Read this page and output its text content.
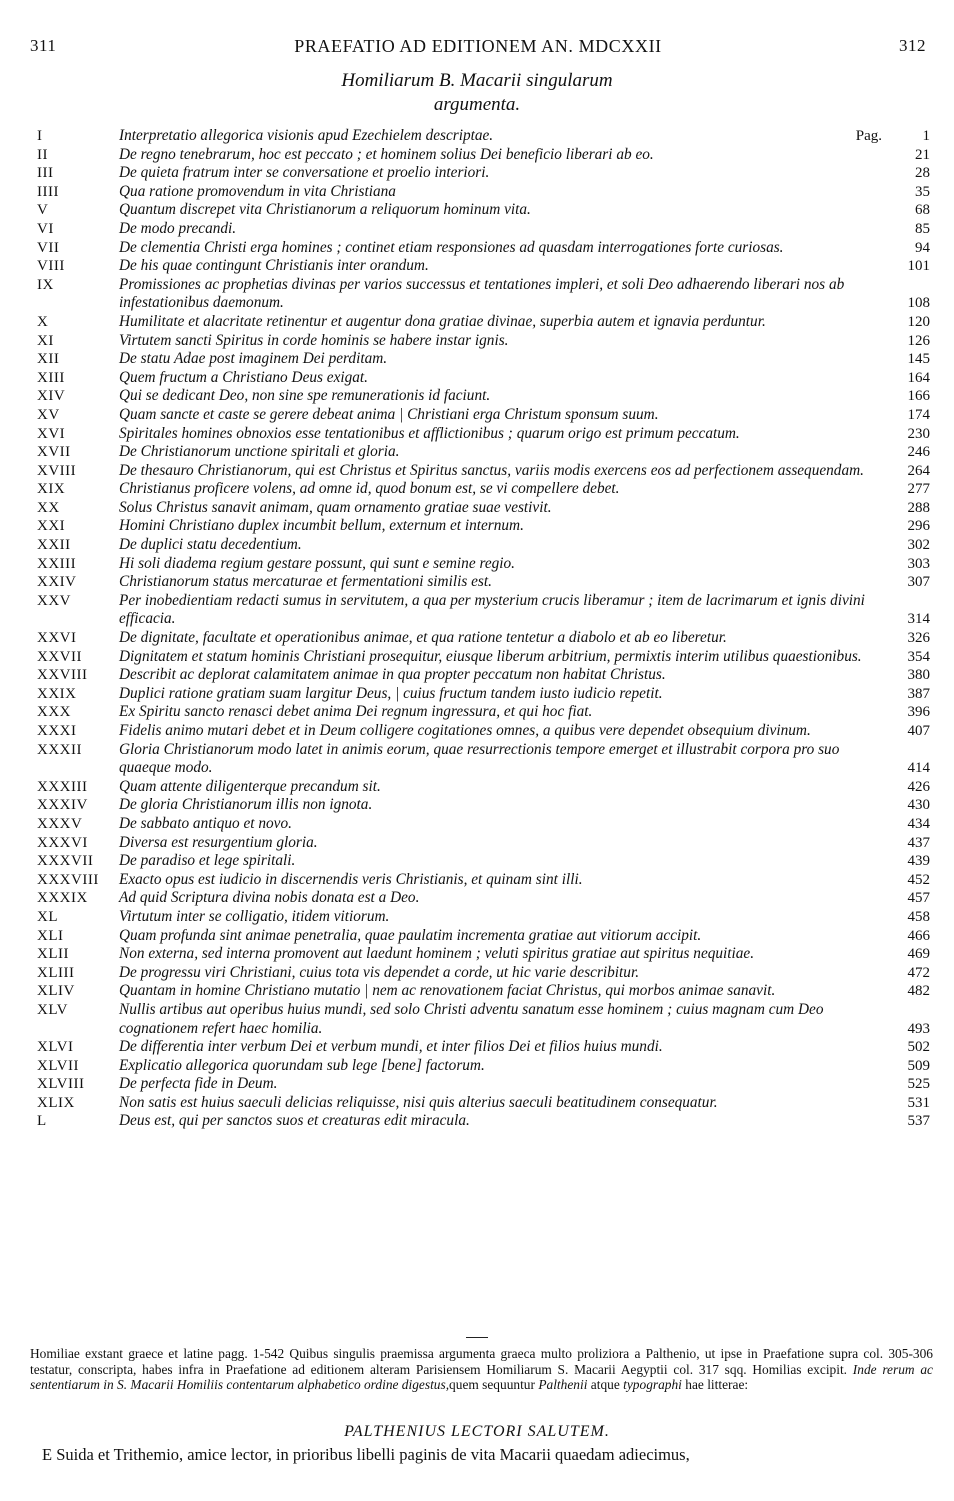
311	PRAEFATIO AD EDITIONEM AN. MDCXXII	312
Homiliarum B. Macarii singularum
argumenta.
I	Interpretatio allegorica visionis apud Ezechielem descriptae.	1
Pag.
II	De regno tenebrarum, hoc est peccato ; et hominem solius Dei beneficio liberari ab eo.	21
III	De quieta fratrum inter se conversatione et proelio interiori.	28
IIII	Qua ratione promovendum in vita Christiana	35
V	Quantum discrepet vita Christianorum a reliquorum hominum vita.	68
VI	De modo precandi.	85
VII	De clementia Christi erga homines ; continet etiam responsiones ad quasdam interrogationes forte curiosas.	94
VIII	De his quae contingunt Christianis inter orandum.	101
IX	Promissiones ac prophetias divinas per varios successus et tentationes impleri, et soli Deo adhaerendo liberari nos ab infestationibus daemonum.	108
X	Humilitate et alacritate retinentur et augentur dona gratiae divinae, superbia autem et ignavia perduntur.	120
XI	Virtutem sancti Spiritus in corde hominis se habere instar ignis.	126
XII	De statu Adae post imaginem Dei perditam.	145
XIII	Quem fructum a Christiano Deus exigat.	164
XIV	Qui se dedicant Deo, non sine spe remunerationis id faciunt.	166
XV	Quam sancte et caste se gerere debeat anima | Christiani erga Christum sponsum suum.	174
XVI	Spiritales homines obnoxios esse tentationibus et afflictionibus ; quarum origo est primum peccatum.	230
XVII	De Christianorum unctione spiritali et gloria.	246
XVIII	De thesauro Christianorum, qui est Christus et Spiritus sanctus, variis modis exercens eos ad perfectionem assequendam.	264
XIX	Christianus proficere volens, ad omne id, quod bonum est, se vi compellere debet.	277
XX	Solus Christus sanavit animam, quam ornamento gratiae suae vestivit.	288
XXI	Homini Christiano duplex incumbit bellum, externum et internum.	296
XXII	De duplici statu decedentium.	302
XXIII	Hi soli diadema regium gestare possunt, qui sunt e semine regio.	303
XXIV	Christianorum status mercaturae et fermentationi similis est.	307
XXV	Per inobedientiam redacti sumus in servitutem, a qua per mysterium crucis liberamur ; item de lacrimarum et ignis divini efficacia.	314
XXVI	De dignitate, facultate et operationibus animae, et qua ratione tentetur a diabolo et ab eo liberetur.	326
XXVII Dignitatem et statum hominis Christiani prosequitur, eiusque liberum arbitrium, permixtis interim utilibus quaestionibus.	354
XXVIII Describit ac deplorat calamitatem animae in qua propter peccatum non habitat Christus.	380
XXIX	Duplici ratione gratiam suam largitur Deus, | cuius fructum tandem iusto iudicio repetit.	387
XXX	Ex Spiritu sancto renasci debet anima Dei regnum ingressura, et qui hoc fiat.	396
XXXI	Fidelis animo mutari debet et in Deum colligere cogitationes omnes, a quibus vere dependet obsequium divinum.	407
XXXII Gloria Christianorum modo latet in animis eorum, quae resurrectionis tempore emerget et illustrabit corpora pro suo quaeque modo.	414
XXXIII Quam attente diligenterque precandum sit.	426
XXXIV De gloria Christianorum illis non ignota.	430
XXXV De sabbato antiquo et novo.	434
XXXVI Diversa est resurgentium gloria.	437
XXXVII De paradiso et lege spiritali.	439
XXXVIII Exacto opus est iudicio in discernendis veris Christianis, et quinam sint illi.	452
XXXIX Ad quid Scriptura divina nobis donata est a Deo.	457
XL	Virtutum inter se colligatio, itidem vitiorum.	458
XLI	Quam profunda sint animae penetralia, quae paulatim incrementa gratiae aut vitiorum accipit.	466
XLII	Non externa, sed interna promovent aut laedunt hominem ; veluti spiritus gratiae aut spiritus nequitiae.	469
XLIII	De progressu viri Christiani, cuius tota vis dependet a corde, ut hic varie describitur.	472
XLIV	Quantam in homine Christiano mutatio | nem ac renovationem faciat Christus, qui morbos animae sanavit.	482
XLV	Nullis artibus aut operibus huius mundi, sed solo Christi adventu sanatum esse hominem ; cuius magnam cum Deo cognationem refert haec homilia.	493
XLVI	De differentia inter verbum Dei et verbum mundi, et inter filios Dei et filios huius mundi.	502
XLVII	Explicatio allegorica quorundam sub lege [bene] factorum.	509
XLVIII De perfecta fide in Deum.	525
XLIX	Non satis est huius saeculi delicias reliquisse, nisi quis alterius saeculi beatitudinem consequatur.	531
L	Deus est, qui per sanctos suos et creaturas edit miracula.	537
Homiliae exstant graece et latine pagg. 1-542 Quibus singulis praemissa argumenta graeca multo proliziora a Palthenio, ut ipse in Praefatione supra col. 305-306 testatur, conscripta, habes infra in Praefatione ad editionem alteram Parisiensem Homiliarum S. Macarii Aegyptii col. 317 sqq. Homilias excipit. Inde rerum ac sententiarum in S. Macarii Homiliis contentarum alphabetico ordine digestus,quem sequuntur Palthenii atque typographi hae litterae:
PALTHENIUS LECTORI SALUTEM.
E Suida et Trithemio, amice lector, in prioribus libelli paginis de vita Macarii quaedam adiecimus,
